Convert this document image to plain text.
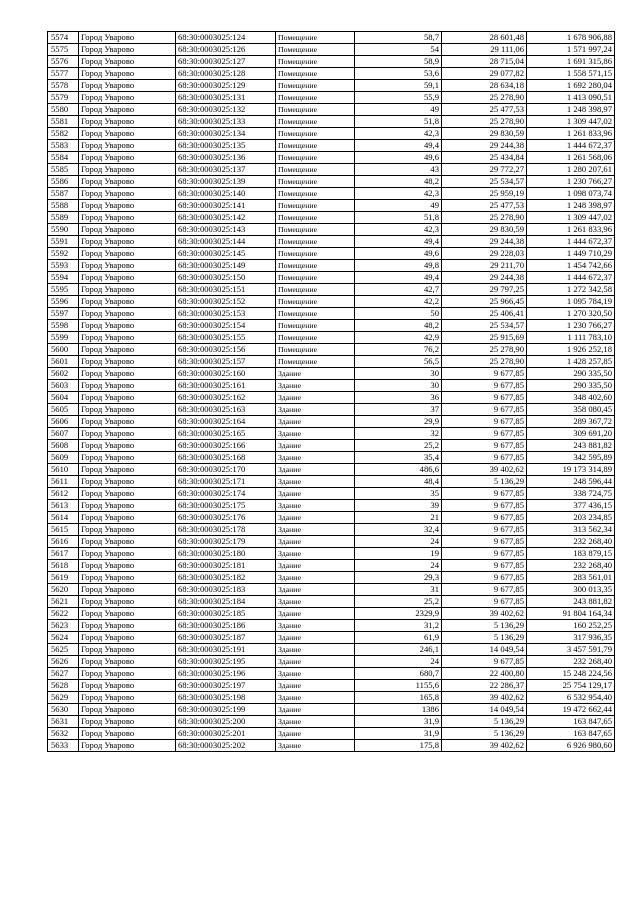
5574	Город Уварово	68:30:0003025:124	Помещение	58,7	28 601,48	1 678 906,88
5575	Город Уварово	68:30:0003025:126	Помещение	54	29 111,06	1 571 997,24
5576	Город Уварово	68:30:0003025:127	Помещение	58,9	28 715,04	1 691 315,86
5577	Город Уварово	68:30:0003025:128	Помещение	53,6	29 077,82	1 558 571,15
5578	Город Уварово	68:30:0003025:129	Помещение	59,1	28 634,18	1 692 280,04
5579	Город Уварово	68:30:0003025:131	Помещение	55,9	25 278,90	1 413 090,51
5580	Город Уварово	68:30:0003025:132	Помещение	49	25 477,53	1 248 398,97
5581	Город Уварово	68:30:0003025:133	Помещение	51,8	25 278,90	1 309 447,02
5582	Город Уварово	68:30:0003025:134	Помещение	42,3	29 830,59	1 261 833,96
5583	Город Уварово	68:30:0003025:135	Помещение	49,4	29 244,38	1 444 672,37
5584	Город Уварово	68:30:0003025:136	Помещение	49,6	25 434,84	1 261 568,06
5585	Город Уварово	68:30:0003025:137	Помещение	43	29 772,27	1 280 207,61
5586	Город Уварово	68:30:0003025:139	Помещение	48,2	25 534,57	1 230 766,27
5587	Город Уварово	68:30:0003025:140	Помещение	42,3	25 959,19	1 098 073,74
5588	Город Уварово	68:30:0003025:141	Помещение	49	25 477,53	1 248 398,97
5589	Город Уварово	68:30:0003025:142	Помещение	51,8	25 278,90	1 309 447,02
5590	Город Уварово	68:30:0003025:143	Помещение	42,3	29 830,59	1 261 833,96
5591	Город Уварово	68:30:0003025:144	Помещение	49,4	29 244,38	1 444 672,37
5592	Город Уварово	68:30:0003025:145	Помещение	49,6	29 228,03	1 449 710,29
5593	Город Уварово	68:30:0003025:149	Помещение	49,8	29 211,70	1 454 742,66
5594	Город Уварово	68:30:0003025:150	Помещение	49,4	29 244,38	1 444 672,37
5595	Город Уварово	68:30:0003025:151	Помещение	42,7	29 797,25	1 272 342,58
5596	Город Уварово	68:30:0003025:152	Помещение	42,2	25 966,45	1 095 784,19
5597	Город Уварово	68:30:0003025:153	Помещение	50	25 406,41	1 270 320,50
5598	Город Уварово	68:30:0003025:154	Помещение	48,2	25 534,57	1 230 766,27
5599	Город Уварово	68:30:0003025:155	Помещение	42,9	25 915,69	1 111 783,10
5600	Город Уварово	68:30:0003025:156	Помещение	76,2	25 278,90	1 926 252,18
5601	Город Уварово	68:30:0003025:157	Помещение	56,5	25 278,90	1 428 257,85
5602	Город Уварово	68:30:0003025:160	Здание	30	9 677,85	290 335,50
5603	Город Уварово	68:30:0003025:161	Здание	30	9 677,85	290 335,50
5604	Город Уварово	68:30:0003025:162	Здание	36	9 677,85	348 402,60
5605	Город Уварово	68:30:0003025:163	Здание	37	9 677,85	358 080,45
5606	Город Уварово	68:30:0003025:164	Здание	29,9	9 677,85	289 367,72
5607	Город Уварово	68:30:0003025:165	Здание	32	9 677,85	309 691,20
5608	Город Уварово	68:30:0003025:166	Здание	25,2	9 677,85	243 881,82
5609	Город Уварово	68:30:0003025:168	Здание	35,4	9 677,85	342 595,89
5610	Город Уварово	68:30:0003025:170	Здание	486,6	39 402,62	19 173 314,89
5611	Город Уварово	68:30:0003025:171	Здание	48,4	5 136,29	248 596,44
5612	Город Уварово	68:30:0003025:174	Здание	35	9 677,85	338 724,75
5613	Город Уварово	68:30:0003025:175	Здание	39	9 677,85	377 436,15
5614	Город Уварово	68:30:0003025:176	Здание	21	9 677,85	203 234,85
5615	Город Уварово	68:30:0003025:178	Здание	32,4	9 677,85	313 562,34
5616	Город Уварово	68:30:0003025:179	Здание	24	9 677,85	232 268,40
5617	Город Уварово	68:30:0003025:180	Здание	19	9 677,85	183 879,15
5618	Город Уварово	68:30:0003025:181	Здание	24	9 677,85	232 268,40
5619	Город Уварово	68:30:0003025:182	Здание	29,3	9 677,85	283 561,01
5620	Город Уварово	68:30:0003025:183	Здание	31	9 677,85	300 013,35
5621	Город Уварово	68:30:0003025:184	Здание	25,2	9 677,85	243 881,82
5622	Город Уварово	68:30:0003025:185	Здание	2329,9	39 402,62	91 804 164,34
5623	Город Уварово	68:30:0003025:186	Здание	31,2	5 136,29	160 252,25
5624	Город Уварово	68:30:0003025:187	Здание	61,9	5 136,29	317 936,35
5625	Город Уварово	68:30:0003025:191	Здание	246,1	14 049,54	3 457 591,79
5626	Город Уварово	68:30:0003025:195	Здание	24	9 677,85	232 268,40
5627	Город Уварово	68:30:0003025:196	Здание	680,7	22 400,80	15 248 224,56
5628	Город Уварово	68:30:0003025:197	Здание	1155,6	22 286,37	25 754 129,17
5629	Город Уварово	68:30:0003025:198	Здание	165,8	39 402,62	6 532 954,40
5630	Город Уварово	68:30:0003025:199	Здание	1386	14 049,54	19 472 662,44
5631	Город Уварово	68:30:0003025:200	Здание	31,9	5 136,29	163 847,65
5632	Город Уварово	68:30:0003025:201	Здание	31,9	5 136,29	163 847,65
5633	Город Уварово	68:30:0003025:202	Здание	175,8	39 402,62	6 926 980,60
